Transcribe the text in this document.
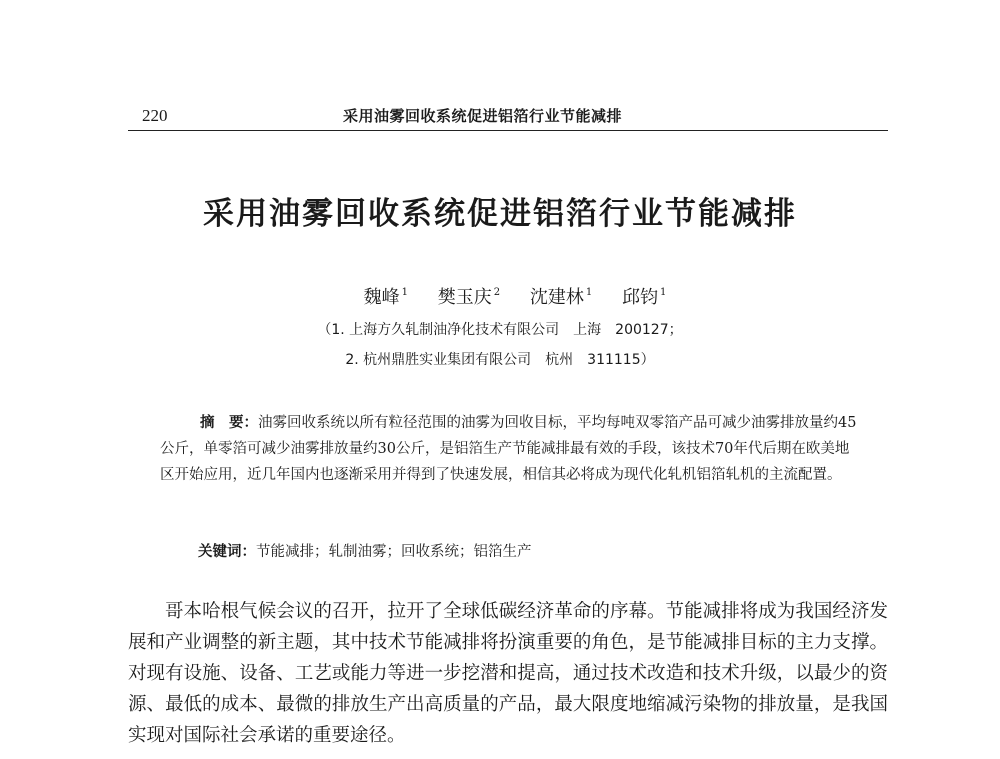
220	采用油雾回收系统促进铝箔行业节能减排
采用油雾回收系统促进铝箔行业节能减排
魏峰 $^1$ 樊玉庆 $^2$ 沈建林 $^1$ 邱钧 $^1$
（1. 上海方久轧制油净化技术有限公司　上海　200127；
2. 杭州鼎胜实业集团有限公司　杭州　311115）
摘　要：油雾回收系统以所有粒径范围的油雾为回收目标，平均每吨双零箔产品可减少油雾排放量约45公斤，单零箔可减少油雾排放量约30公斤，是铝箔生产节能减排最有效的手段，该技术70年代后期在欧美地区开始应用，近几年国内也逐渐采用并得到了快速发展，相信其必将成为现代化轧机铝箔轧机的主流配置。
关键词：节能减排；轧制油雾；回收系统；铝箔生产

哥本哈根气候会议的召开，拉开了全球低碳经济革命的序幕。节能减排将成为我国经济发展和产业调整的新主题，其中技术节能减排将扮演重要的角色，是节能减排目标的主力支撑。对现有设施、设备、工艺或能力等进一步挖潜和提高，通过技术改造和技术升级，以最少的资源、最低的成本、最微的排放生产出高质量的产品，最大限度地缩减污染物的排放量，是我国实现对国际社会承诺的重要途径。
